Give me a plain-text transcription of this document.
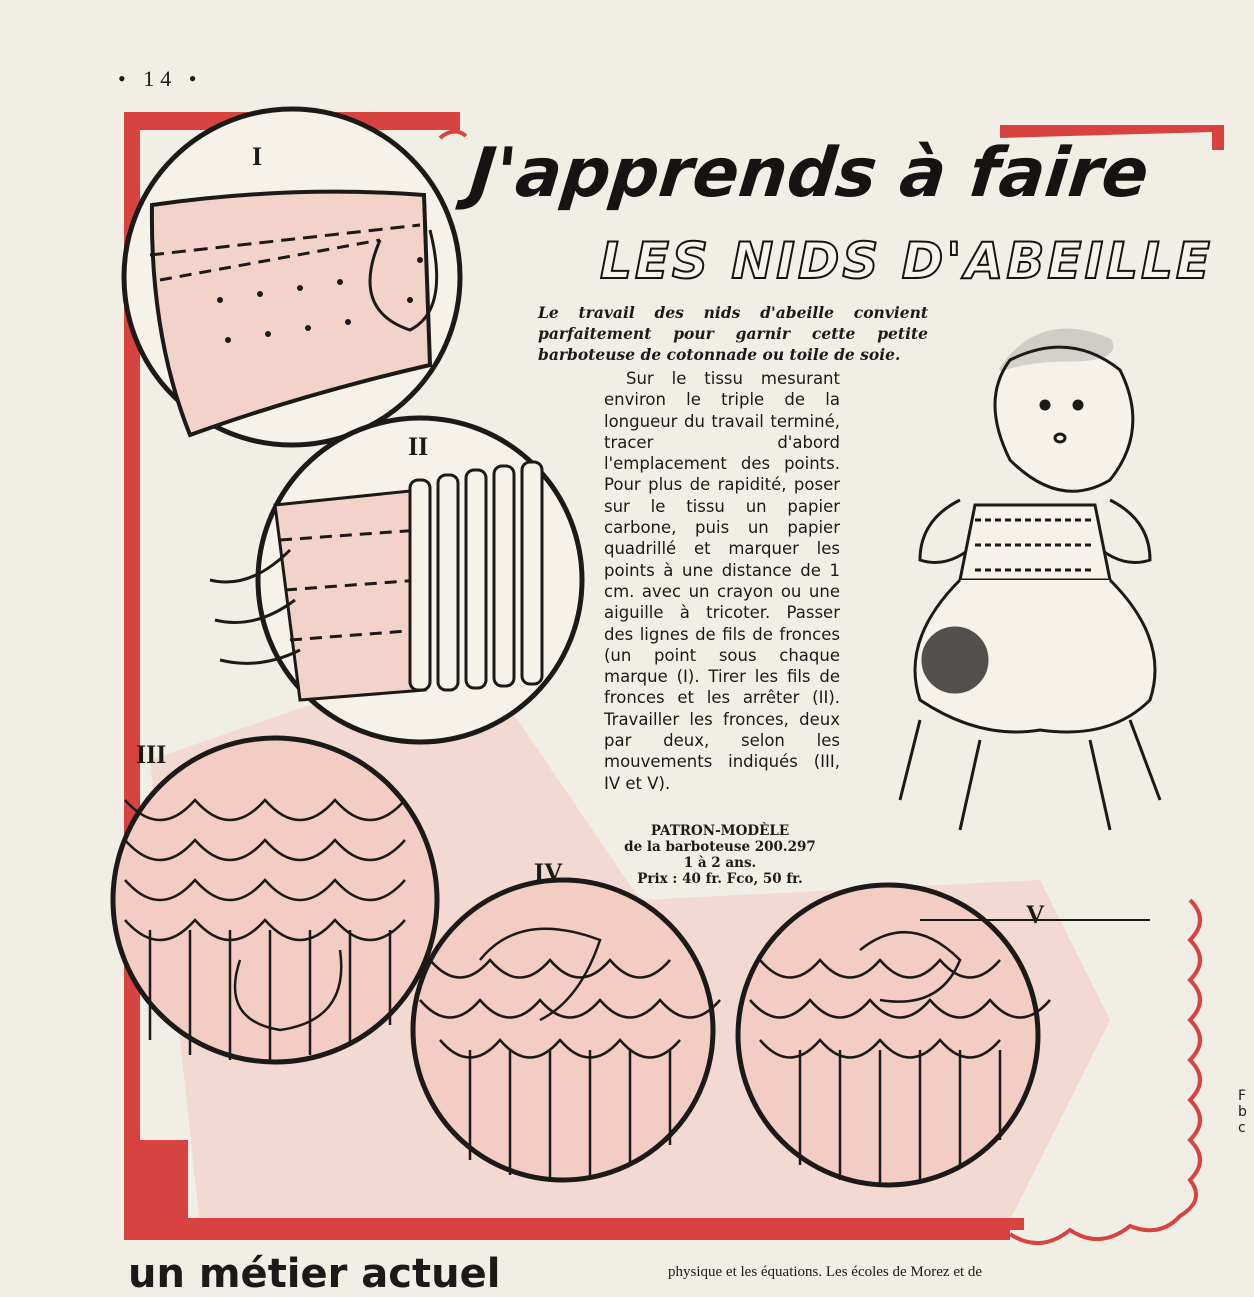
• 14 •
J'apprends à faire
LES NIDS D'ABEILLE
Le travail des nids d'abeille convient parfaitement pour garnir cette petite barboteuse de cotonnade ou toile de soie.
Sur le tissu mesurant environ le triple de la longueur du travail terminé, tracer d'abord l'emplacement des points. Pour plus de rapidité, poser sur le tissu un papier carbone, puis un papier quadrillé et marquer les points à une distance de 1 cm. avec un crayon ou une aiguille à tricoter. Passer des lignes de fils de fronces (un point sous chaque marque (I). Tirer les fils de fronces et les arrêter (II). Travailler les fronces, deux par deux, selon les mouvements indiqués (III, IV et V).
PATRON-MODÈLE
de la barboteuse 200.297
1 à 2 ans.
Prix : 40 fr. Fco, 50 fr.
I
II
III
IV
V
un métier actuel	physique et les équations. Les écoles de Morez et de
F b c
